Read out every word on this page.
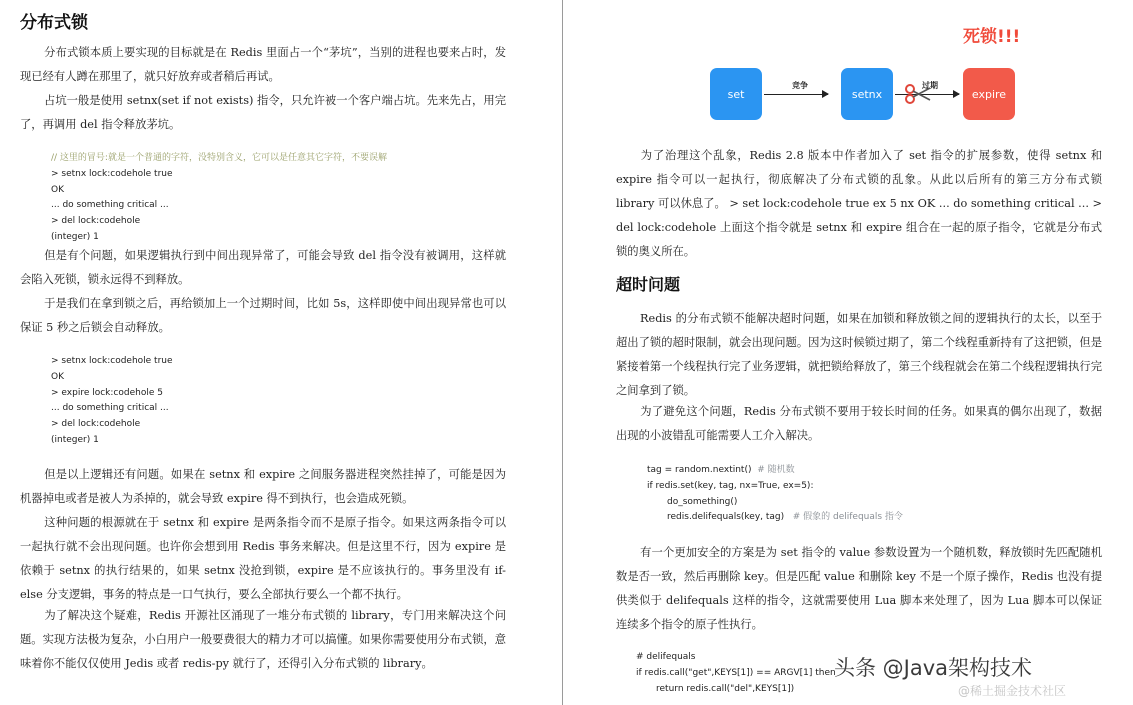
分布式锁

分布式锁本质上要实现的目标就是在 Redis 里面占一个“茅坑”，当别的进程也要来占时，发现已经有人蹲在那里了，就只好放弃或者稍后再试。

占坑一般是使用 setnx(set if not exists) 指令，只允许被一个客户端占坑。先来先占，用完了，再调用 del 指令释放茅坑。

// 这里的冒号:就是一个普通的字符，没特别含义，它可以是任意其它字符，不要误解
> setnx lock:codehole true
OK
... do something critical ...
> del lock:codehole
(integer) 1

但是有个问题，如果逻辑执行到中间出现异常了，可能会导致 del 指令没有被调用，这样就会陷入死锁，锁永远得不到释放。

于是我们在拿到锁之后，再给锁加上一个过期时间，比如 5s，这样即使中间出现异常也可以保证 5 秒之后锁会自动释放。

> setnx lock:codehole true
OK
> expire lock:codehole 5
... do something critical ...
> del lock:codehole
(integer) 1

但是以上逻辑还有问题。如果在 setnx 和 expire 之间服务器进程突然挂掉了，可能是因为机器掉电或者是被人为杀掉的，就会导致 expire 得不到执行，也会造成死锁。

这种问题的根源就在于 setnx 和 expire 是两条指令而不是原子指令。如果这两条指令可以一起执行就不会出现问题。也许你会想到用 Redis 事务来解决。但是这里不行，因为 expire 是依赖于 setnx 的执行结果的，如果 setnx 没抢到锁，expire 是不应该执行的。事务里没有 if-else 分支逻辑，事务的特点是一口气执行，要么全部执行要么一个都不执行。

为了解决这个疑难，Redis 开源社区涌现了一堆分布式锁的 library，专门用来解决这个问题。实现方法极为复杂，小白用户一般要费很大的精力才可以搞懂。如果你需要使用分布式锁，意味着你不能仅仅使用 Jedis 或者 redis-py 就行了，还得引入分布式锁的 library。

死锁!!!
set
竞争
setnx
过期
expire

为了治理这个乱象，Redis 2.8 版本中作者加入了 set 指令的扩展参数，使得 setnx 和 expire 指令可以一起执行，彻底解决了分布式锁的乱象。从此以后所有的第三方分布式锁 library 可以休息了。 > set lock:codehole true ex 5 nx OK ... do something critical ... > del lock:codehole 上面这个指令就是 setnx 和 expire 组合在一起的原子指令，它就是分布式锁的奥义所在。

超时问题

Redis 的分布式锁不能解决超时问题，如果在加锁和释放锁之间的逻辑执行的太长，以至于超出了锁的超时限制，就会出现问题。因为这时候锁过期了，第二个线程重新持有了这把锁，但是紧接着第一个线程执行完了业务逻辑，就把锁给释放了，第三个线程就会在第二个线程逻辑执行完之间拿到了锁。

为了避免这个问题，Redis 分布式锁不要用于较长时间的任务。如果真的偶尔出现了，数据出现的小波错乱可能需要人工介入解决。

tag = random.nextint() # 随机数
if redis.set(key, tag, nx=True, ex=5):
do_something()
redis.delifequals(key, tag) # 假象的 delifequals 指令

有一个更加安全的方案是为 set 指令的 value 参数设置为一个随机数，释放锁时先匹配随机数是否一致，然后再删除 key。但是匹配 value 和删除 key 不是一个原子操作，Redis 也没有提供类似于 delifequals 这样的指令，这就需要使用 Lua 脚本来处理了，因为 Lua 脚本可以保证连续多个指令的原子性执行。

# delifequals
if redis.call("get",KEYS[1]) == ARGV[1] then
return redis.call("del",KEYS[1])
头条 @Java架构技术
@稀土掘金技术社区
